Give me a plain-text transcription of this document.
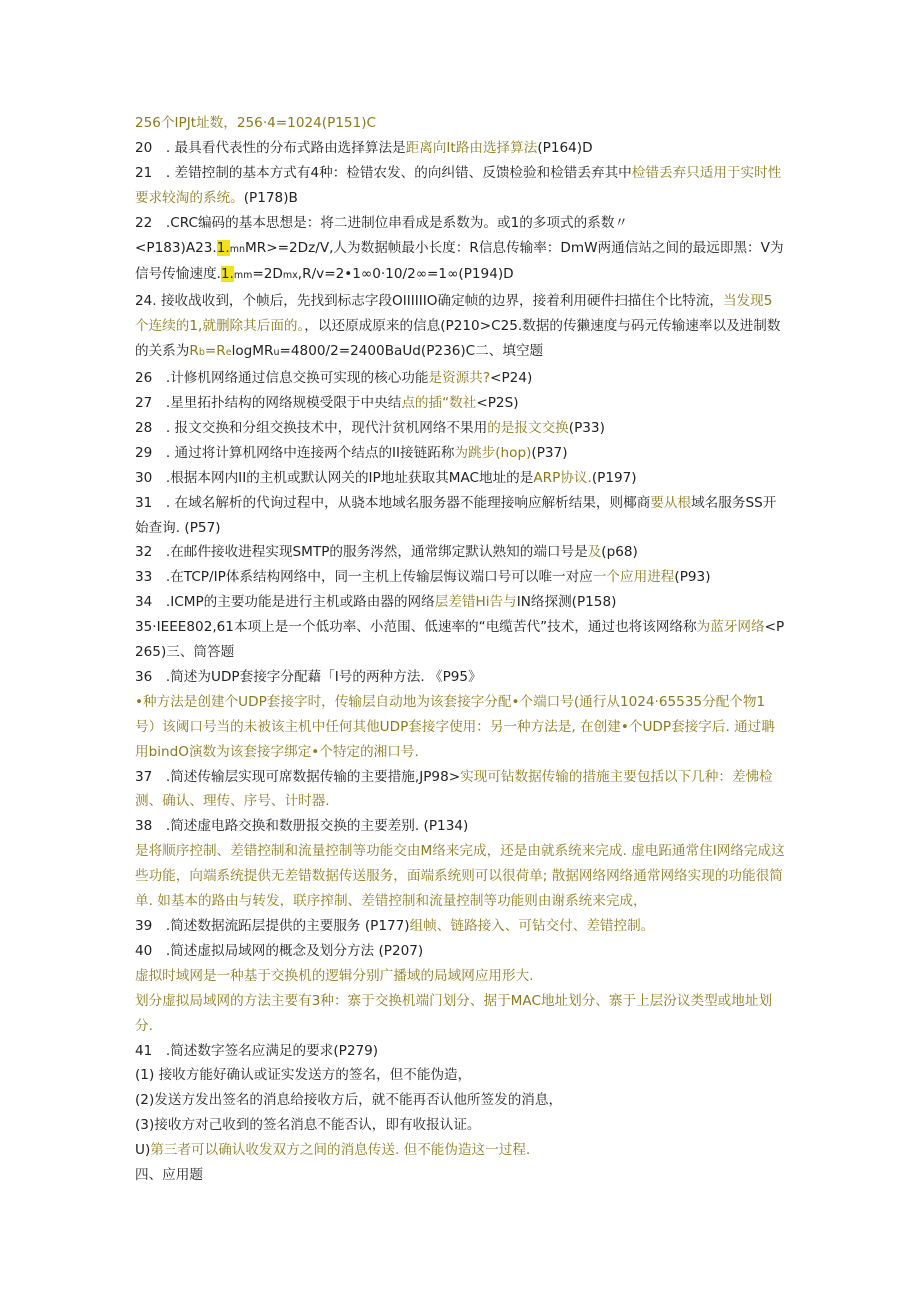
256个IPJt址数，256·4=1024(P151)C

20　. 最具看代表性的分布式路由选择算法是距离向It路由选择算法(P164)D

21　. 差错控制的基本方式有4种：检错农发、的向纠错、反馈检验和检错丢弃其中检错丢弃只适用于实时性要求较淘的系统。(P178)B

22　.CRC编码的基本思想是：将二进制位串看成是系数为。或1的多项式的系数〃

<P183)A23.1.mnMR>=2Dz∕V,人为数据帧最小长度：R信息传输率：DmW两通信站之间的最远即黑：V为信号传愉速度.1.mm=2Dmx,R/v=2•1∞0·10/2∞=1∞(P194)D

24. 接收战收到，个帧后，先找到标志字段OIIIIIIO确定帧的边界，接着利用硬件扫描住个比特流，当发现5个连续的1,就删除其后面的。，以还原成原来的信息(P210>C25.数据的传獭速度与码元传输速率以及进制数的关系为Rb=RelogMRu=4800/2=2400BaUd(P236)C二、填空题

26　.计修机网络通过信息交换可实现的核心功能是资源共?<P24)

27　.星里拓扑结构的网络规模受限于中央结点的插“数社<P2S)

28　. 报文交换和分组交换技术中，现代汁贫机网络不果用的是报文交换(P33)

29　. 通过将计算机网络中连接两个结点的II接链跖称为跳步(hop)(P37)

30　.根据本网内II的主机或默认网关的IP地址获取其MAC地址的是ARP协议.(P197)

31　. 在域名解析的代询过程中，从骁本地域名服务器不能理接响应解析结果，则椰商要从根域名服务SS开始查询. (P57)

32　.在邮件接收进程实现SMTP的服务涔然，通常绑定默认熟知的端口号是及(p68)

33　.在TCP/IP体系结构网络中，同一主机上传输层悔议端口号可以唯一对应一个应用进程(P93)

34　.ICMP的主要功能是进行主机或路由器的网络层差错Hi告与IN络探测(P158)

35·IEEE802,61本项上是一个低功率、小范围、低速率的“电缆苦代”技术，通过也将该网络称为蓝牙网络<P265)三、筒答题

36　.简述为UDP套接字分配藉「I号的两种方法. 《P95》

•种方法是创建个UDP套接字时，传输层自动地为该套接字分配•个端口号(通行从1024·65535分配个物1号）该阈口号当的未被该主机中任何其他UDP套接字使用：另一种方法是, 在创建•个UDP套接字后. 通过聃用bindO演数为该套接字绑定•个特定的湘口号.

37　.简述传输层实现可席数据传输的主要措施,JP98>实现可钻数据传输的措施主要包括以下几种：差怫检测、确认、理传、序号、计时器.

38　.简述虚电路交换和数册报交换的主要差别. (P134)

是将顺序控制、差错控制和流量控制等功能交由M络来完成，还是由就系统来完成. 虚电跖通常住I网络完成这些功能，向端系统提供无差错数据传送服务，面端系统则可以很荷单; 散据网络网络通常网络实现的功能很简单. 如基本的路由与转发，联序搾制、差错控制和流量控制等功能则由谢系统来完成，

39　.简述数据流跖层提供的主要服务 (P177)组帧、链路接入、可钻交付、差错控制。

40　.简述虚拟局域网的概念及划分方法 (P207)

虚拟时域网是一种基于交换机的逻辑分别广播域的局域网应用形大.

划分虚拟局域网的方法主要有3种：寨于交换机端门划分、据于MAC地址划分、寨于上层汾议类型或地址划分.

41　.简述数字签名应满足的要求(P279)

(1) 接收方能好确认或证实发送方的签名，但不能伪造，

(2)发送方发出签名的消息给接收方后，就不能再否认他所签发的消息，

(3)接收方对己收到的签名消息不能否认，即有收报认证。

U)第三者可以确认收发双方之间的消息传送. 但不能伪造这一过程.

四、应用题
